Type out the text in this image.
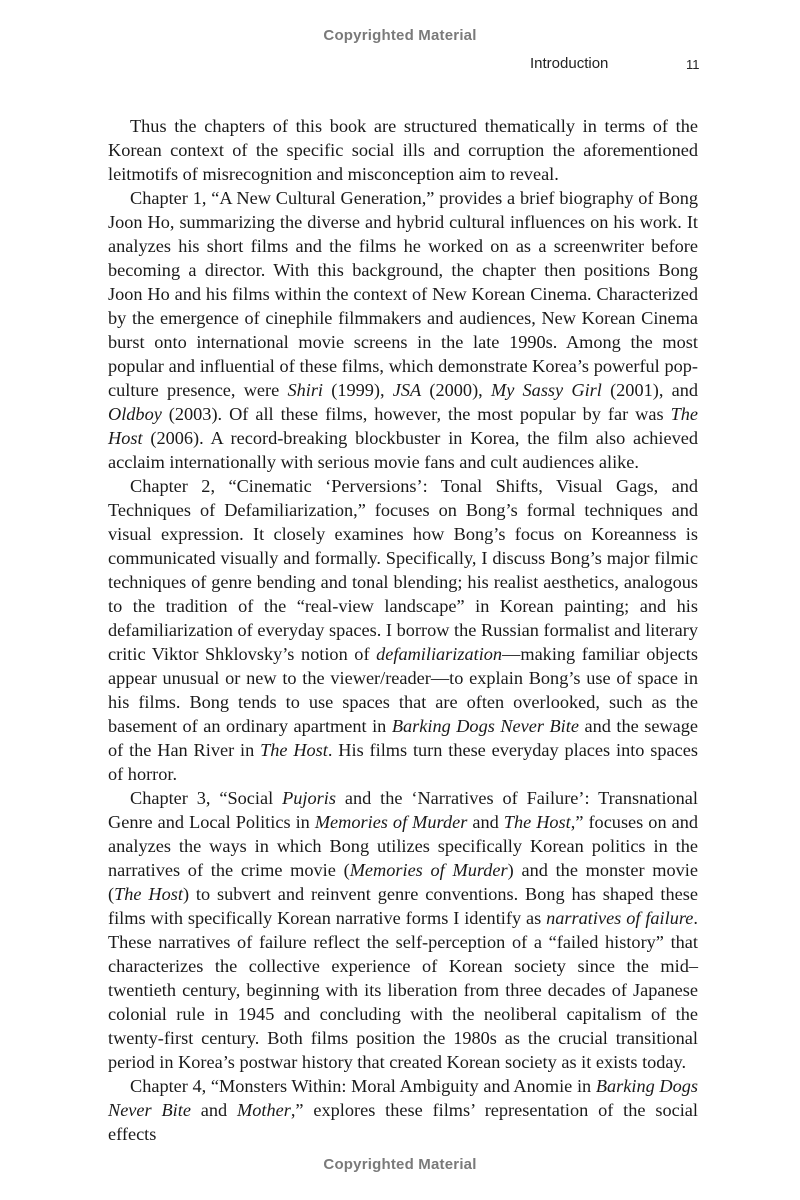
Copyrighted Material
Introduction	11

Thus the chapters of this book are structured thematically in terms of the Korean context of the specific social ills and corruption the aforementioned leitmotifs of misrecognition and misconception aim to reveal.

Chapter 1, “A New Cultural Generation,” provides a brief biography of Bong Joon Ho, summarizing the diverse and hybrid cultural influences on his work. It analyzes his short films and the films he worked on as a screenwriter before becoming a director. With this background, the chapter then positions Bong Joon Ho and his films within the context of New Korean Cinema. Characterized by the emergence of cinephile filmmakers and audiences, New Korean Cinema burst onto international movie screens in the late 1990s. Among the most popular and influential of these films, which demonstrate Korea’s powerful pop-culture presence, were Shiri (1999), JSA (2000), My Sassy Girl (2001), and Oldboy (2003). Of all these films, however, the most popular by far was The Host (2006). A record-breaking blockbuster in Korea, the film also achieved acclaim internationally with serious movie fans and cult audiences alike.

Chapter 2, “Cinematic ‘Perversions’: Tonal Shifts, Visual Gags, and Techniques of Defamiliarization,” focuses on Bong’s formal techniques and visual expression. It closely examines how Bong’s focus on Koreanness is communicated visually and formally. Specifically, I discuss Bong’s major filmic techniques of genre bending and tonal blending; his realist aesthetics, analogous to the tradition of the “real-view landscape” in Korean painting; and his defamiliarization of everyday spaces. I borrow the Russian formalist and literary critic Viktor Shklovsky’s notion of defamiliarization—making familiar objects appear unusual or new to the viewer/reader—to explain Bong’s use of space in his films. Bong tends to use spaces that are often overlooked, such as the basement of an ordinary apartment in Barking Dogs Never Bite and the sewage of the Han River in The Host. His films turn these everyday places into spaces of horror.

Chapter 3, “Social Pujoris and the ‘Narratives of Failure’: Transnational Genre and Local Politics in Memories of Murder and The Host,” focuses on and analyzes the ways in which Bong utilizes specifically Korean politics in the narratives of the crime movie (Memories of Murder) and the monster movie (The Host) to subvert and reinvent genre conventions. Bong has shaped these films with specifically Korean narrative forms I identify as narratives of failure. These narratives of failure reflect the self-perception of a “failed history” that characterizes the collective experience of Korean society since the mid–twentieth century, beginning with its liberation from three decades of Japanese colonial rule in 1945 and concluding with the neoliberal capitalism of the twenty-first century. Both films position the 1980s as the crucial transitional period in Korea’s postwar history that created Korean society as it exists today.

Chapter 4, “Monsters Within: Moral Ambiguity and Anomie in Barking Dogs Never Bite and Mother,” explores these films’ representation of the social effects

Copyrighted Material
